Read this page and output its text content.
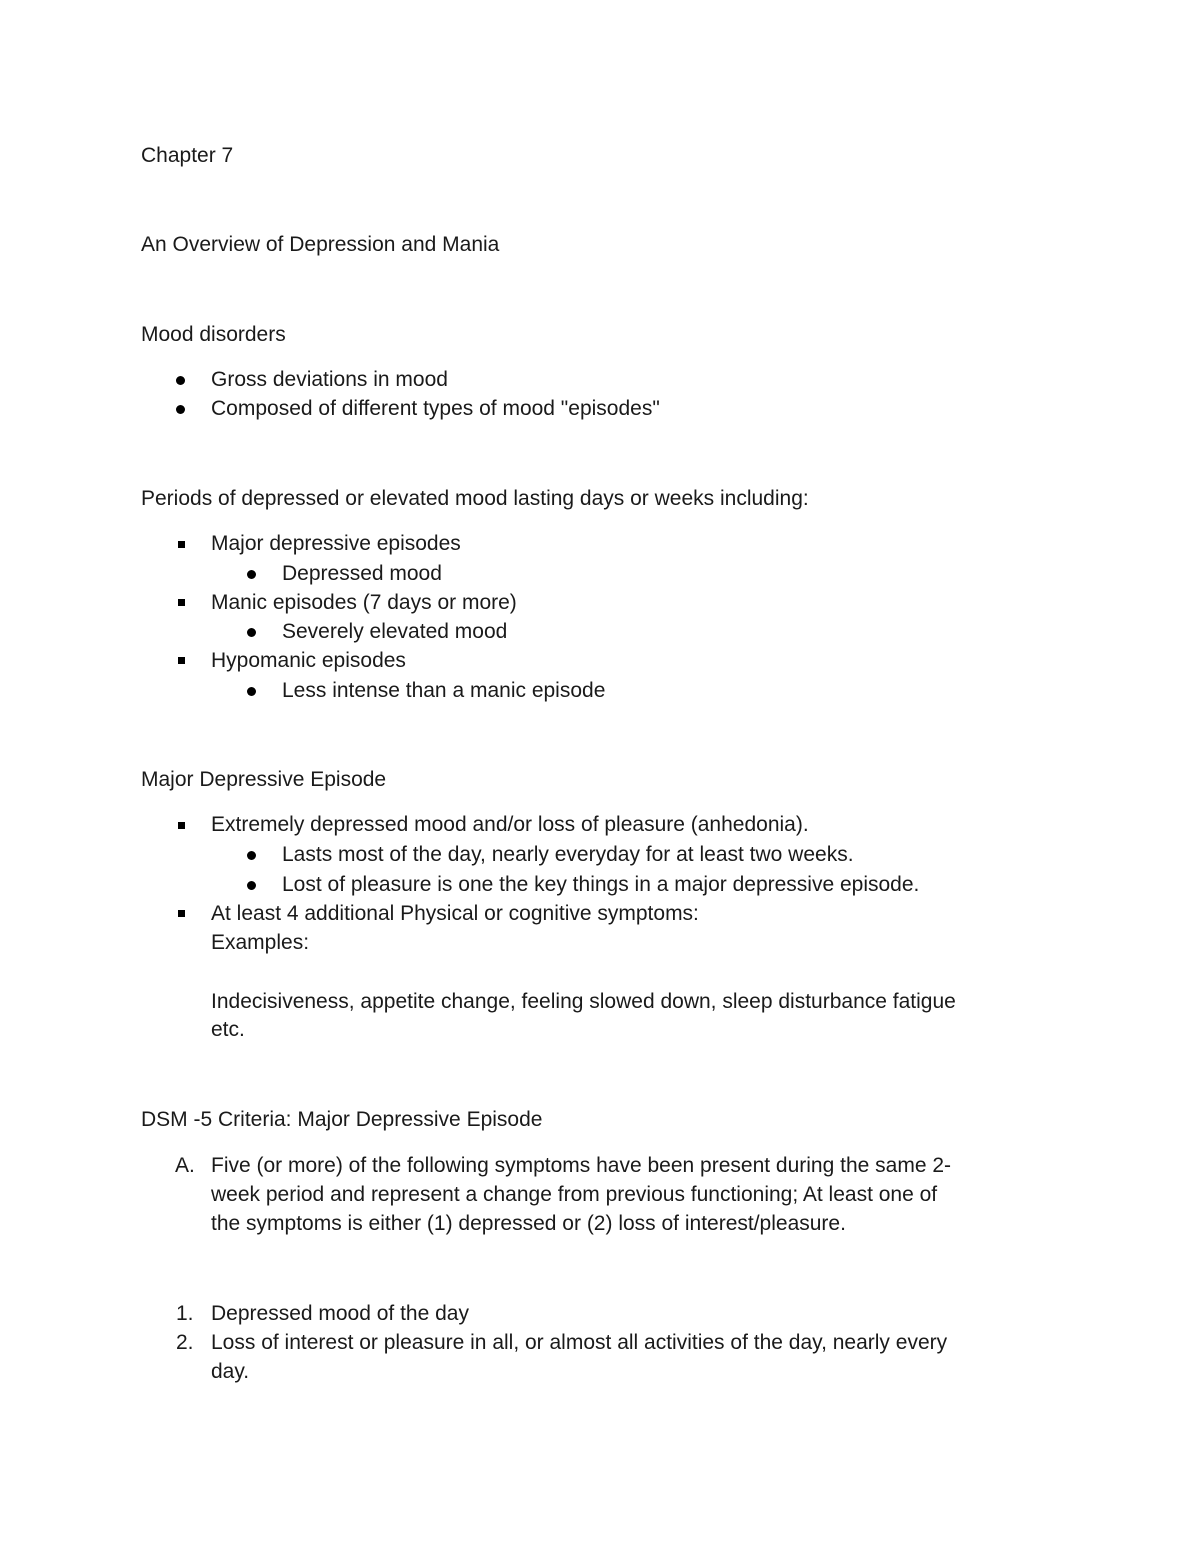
Chapter 7
An Overview of Depression and Mania
Mood disorders
Gross deviations in mood
Composed of different types of mood "episodes"
Periods of depressed or elevated mood lasting days or weeks including:
Major depressive episodes
Depressed mood
Manic episodes (7 days or more)
Severely elevated mood
Hypomanic episodes
Less intense than a manic episode
Major Depressive Episode
Extremely depressed mood and/or loss of pleasure (anhedonia).
Lasts most of the day, nearly everyday for at least two weeks.
Lost of pleasure is one the key things in a major depressive episode.
At least 4 additional Physical or cognitive symptoms:
Examples:
Indecisiveness, appetite change, feeling slowed down, sleep disturbance fatigue
etc.
DSM -5 Criteria: Major Depressive Episode
A. Five (or more) of the following symptoms have been present during the same 2-
week period and represent a change from previous functioning; At least one of
the symptoms is either (1) depressed or (2) loss of interest/pleasure.
1. Depressed mood of the day
2. Loss of interest or pleasure in all, or almost all activities of the day, nearly every
day.
